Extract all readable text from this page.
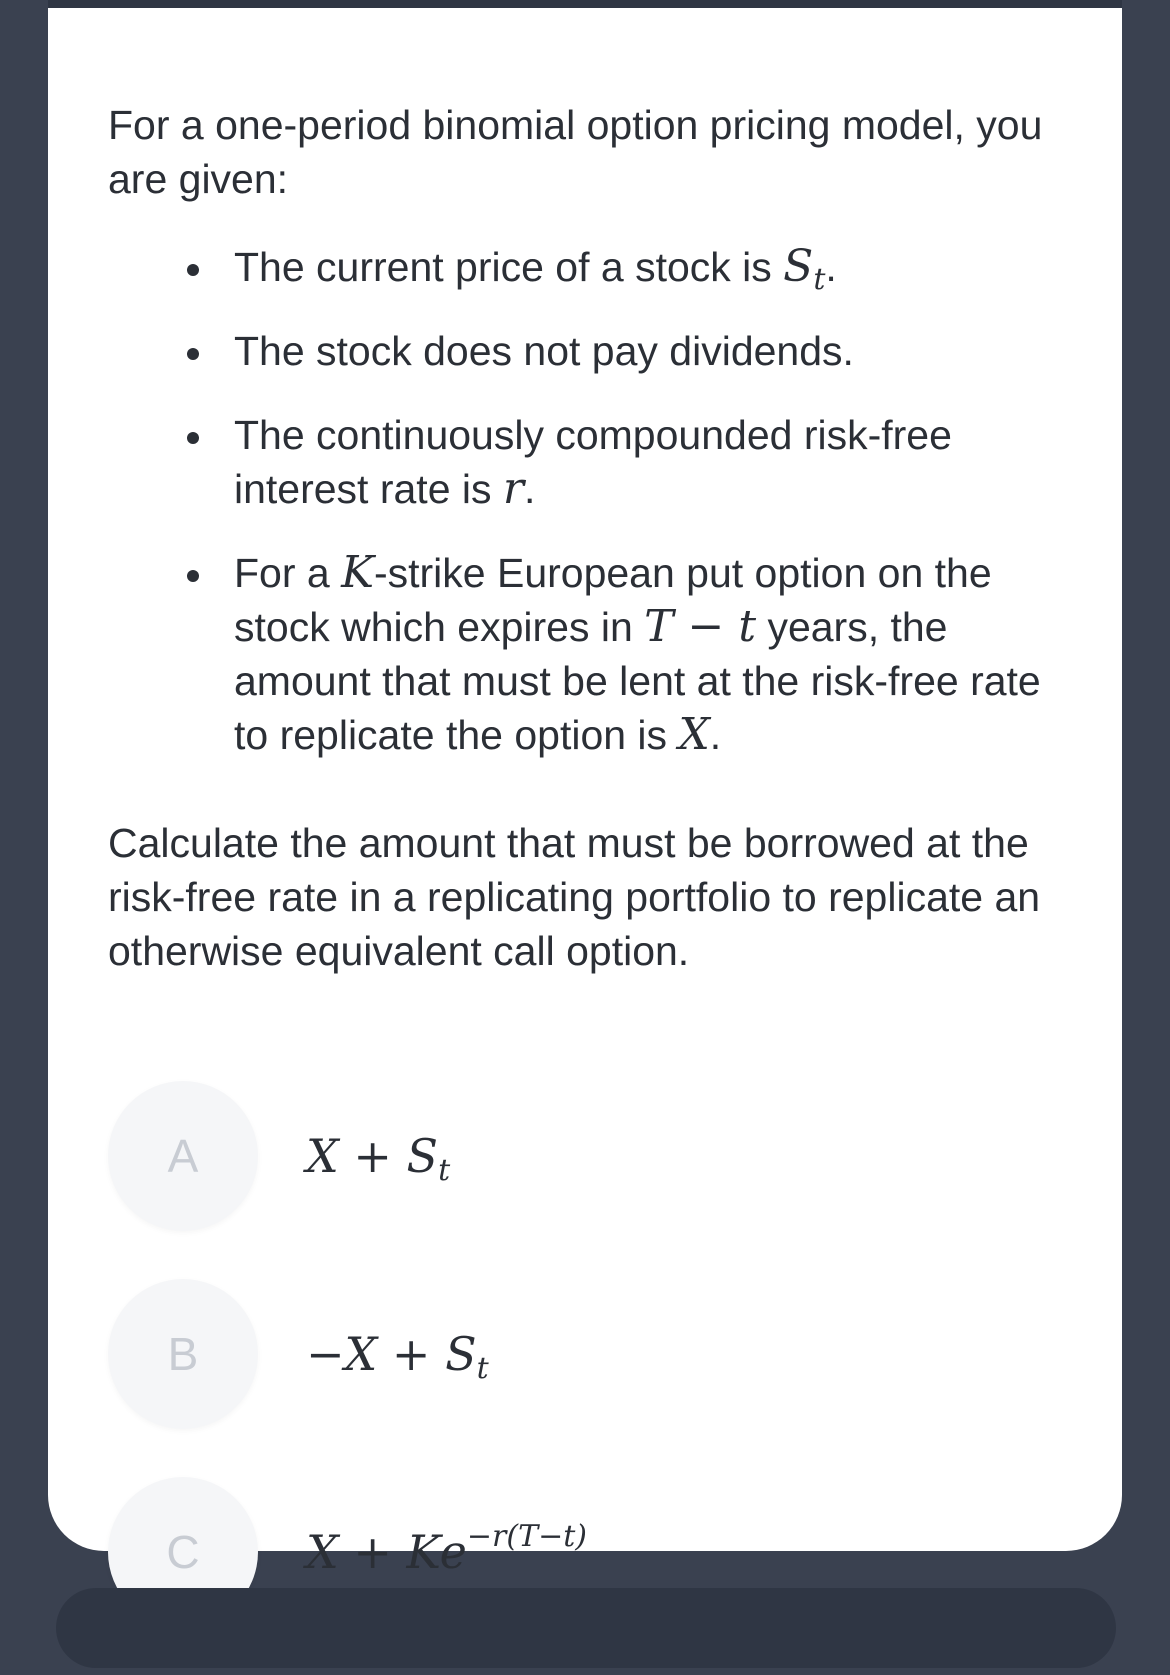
For a one-period binomial option pricing model, you are given:

The current price of a stock is $S_t$.
The stock does not pay dividends.
The continuously compounded risk-free interest rate is r.
For a K-strike European put option on the stock which expires in T − t years, the amount that must be lent at the risk-free rate to replicate the option is X.

Calculate the amount that must be borrowed at the risk-free rate in a replicating portfolio to replicate an otherwise equivalent call option.

A	$X + S_t$
B	$-X + S_t$
C	$X + Ke^{-r(T-t)}$
